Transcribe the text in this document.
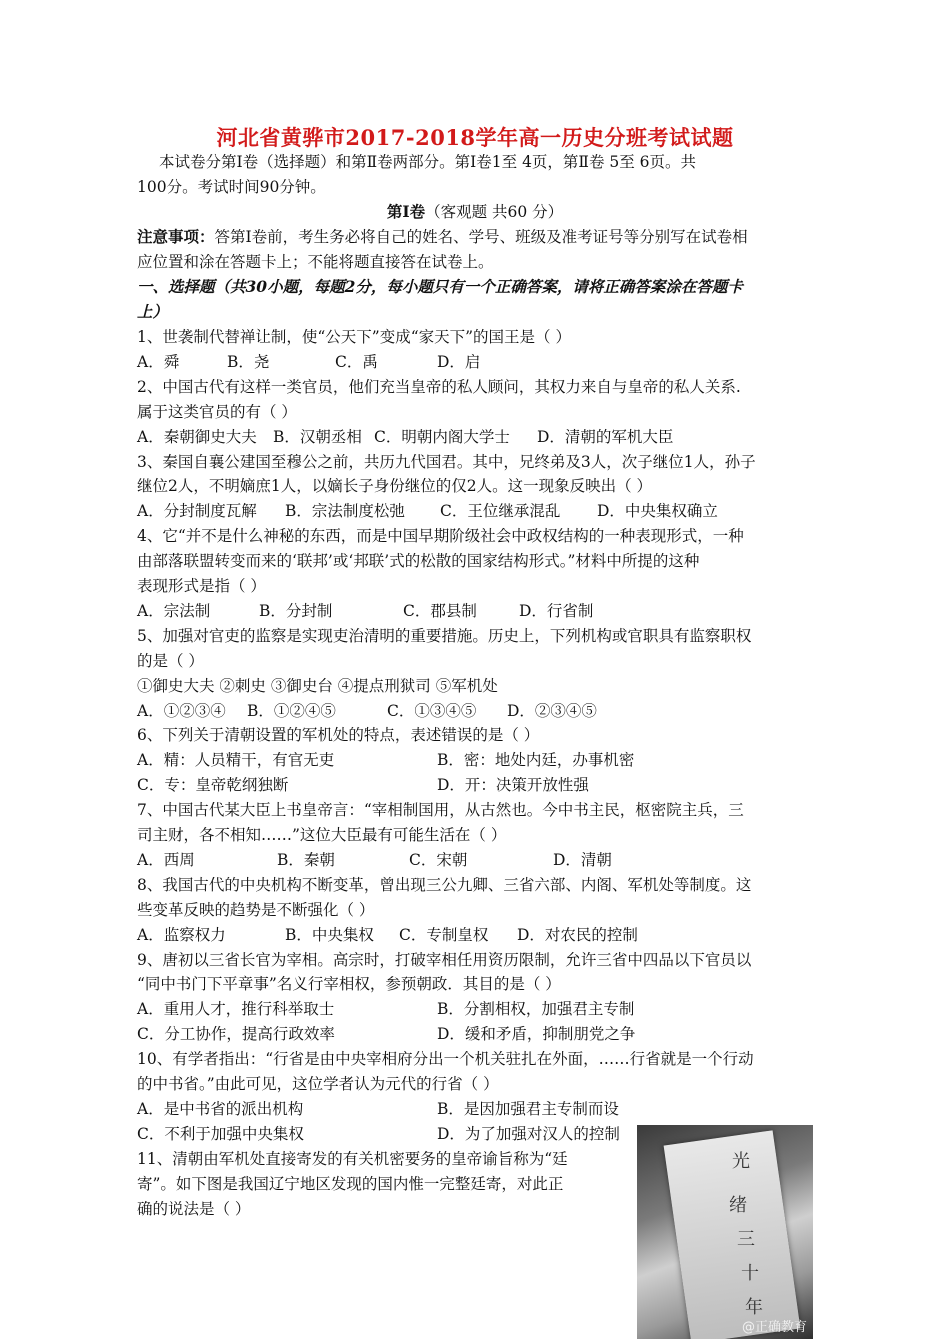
河北省黄骅市2017-2018学年高一历史分班考试试题
本试卷分第Ⅰ卷（选择题）和第Ⅱ卷两部分。第Ⅰ卷1至 4页，第Ⅱ卷 5至 6页。共
100分。考试时间90分钟。
第Ⅰ卷（客观题 共60 分）
注意事项：答第Ⅰ卷前，考生务必将自己的姓名、学号、班级及准考证号等分别写在试卷相
应位置和涂在答题卡上；不能将题直接答在试卷上。
一、选择题（共30小题，每题2分，每小题只有一个正确答案，请将正确答案涂在答题卡
上）
1、世袭制代替禅让制，使“公天下”变成“家天下”的国王是（ ）
A．舜	B．尧	C．禹	D．启
2、中国古代有这样一类官员，他们充当皇帝的私人顾问，其权力来自与皇帝的私人关系.
属于这类官员的有（ ）
A．秦朝御史大夫 B．汉朝丞相 C．明朝内阁大学士 D．清朝的军机大臣
3、秦国自襄公建国至穆公之前，共历九代国君。其中，兄终弟及3人，次子继位1人，孙子
继位2人，不明嫡庶1人，以嫡长子身份继位的仅2人。这一现象反映出（ ）
A．分封制度瓦解 B．宗法制度松弛 C．王位继承混乱 D．中央集权确立
4、它“并不是什么神秘的东西，而是中国早期阶级社会中政权结构的一种表现形式，一种
由部落联盟转变而来的‘联邦’或‘邦联’式的松散的国家结构形式。”材料中所提的这种
表现形式是指（ ）
A．宗法制	B．分封制	C．郡县制	D．行省制
5、加强对官吏的监察是实现吏治清明的重要措施。历史上，下列机构或官职具有监察职权
的是（ ）
①御史大夫 ②刺史 ③御史台 ④提点刑狱司 ⑤军机处
A．①②③④ B．①②④⑤	C．①③④⑤ D．②③④⑤
6、下列关于清朝设置的军机处的特点，表述错误的是（ ）
A．精：人员精干，有官无吏	B．密：地处内廷，办事机密
C．专：皇帝乾纲独断	D．开：决策开放性强
7、中国古代某大臣上书皇帝言：“宰相制国用，从古然也。今中书主民，枢密院主兵，三
司主财，各不相知……”这位大臣最有可能生活在（ ）
A．西周	B．秦朝	C．宋朝	D．清朝
8、我国古代的中央机构不断变革，曾出现三公九卿、三省六部、内阁、军机处等制度。这
些变革反映的趋势是不断强化（ ）
A．监察权力	B．中央集权 C．专制皇权 D．对农民的控制
9、唐初以三省长官为宰相。高宗时，打破宰相任用资历限制，允许三省中四品以下官员以
“同中书门下平章事”名义行宰相权，参预朝政．其目的是（ ）
A．重用人才，推行科举取士	B．分割相权，加强君主专制
C．分工协作，提高行政效率	D．缓和矛盾，抑制朋党之争
10、有学者指出：“行省是由中央宰相府分出一个机关驻扎在外面，……行省就是一个行动
的中书省。”由此可见，这位学者认为元代的行省（ ）
A．是中书省的派出机构	B．是因加强君主专制而设
C．不利于加强中央集权	D．为了加强对汉人的控制
11、清朝由军机处直接寄发的有关机密要务的皇帝谕旨称为“廷
寄”。如下图是我国辽宁地区发现的国内惟一完整廷寄，对此正
确的说法是（ ）
光
绪
三
十
年
@正确教育
